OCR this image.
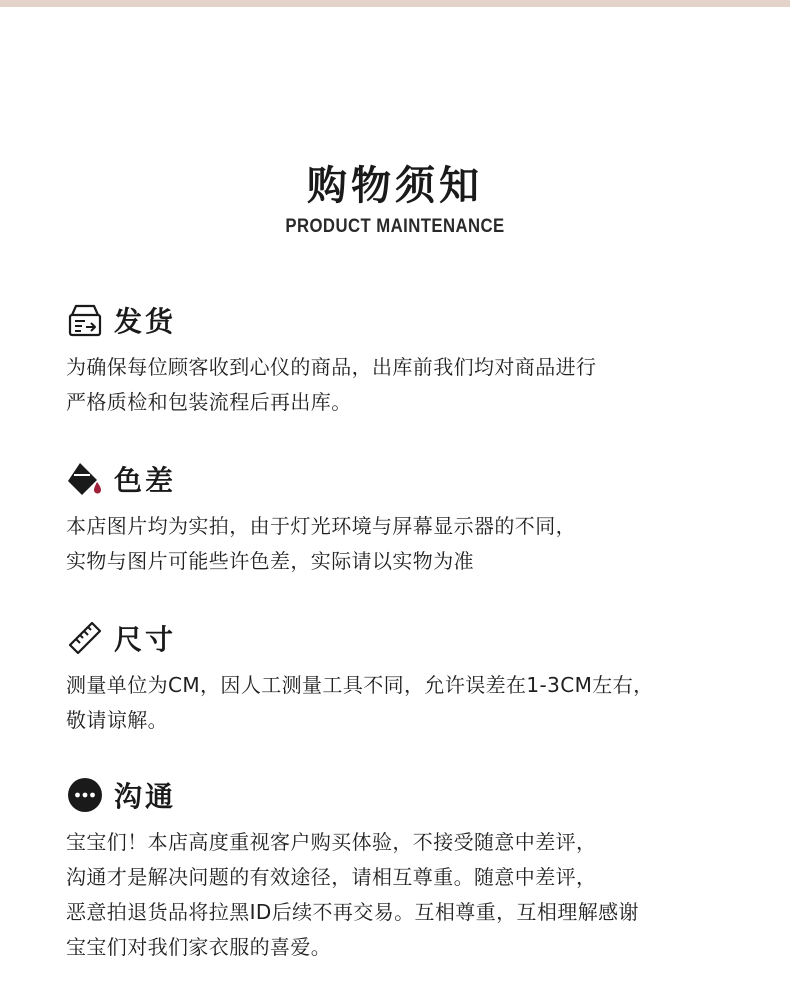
购物须知
PRODUCT MAINTENANCE
发货

为确保每位顾客收到心仪的商品，出库前我们均对商品进行

严格质检和包装流程后再出库。

色差

本店图片均为实拍，由于灯光环境与屏幕显示器的不同，

实物与图片可能些许色差，实际请以实物为准

尺寸

测量单位为CM，因人工测量工具不同，允许误差在1-3CM左右，

敬请谅解。

沟通

宝宝们！本店高度重视客户购买体验，不接受随意中差评，

沟通才是解决问题的有效途径，请相互尊重。随意中差评，

恶意拍退货品将拉黑ID后续不再交易。互相尊重，互相理解感谢

宝宝们对我们家衣服的喜爱。
